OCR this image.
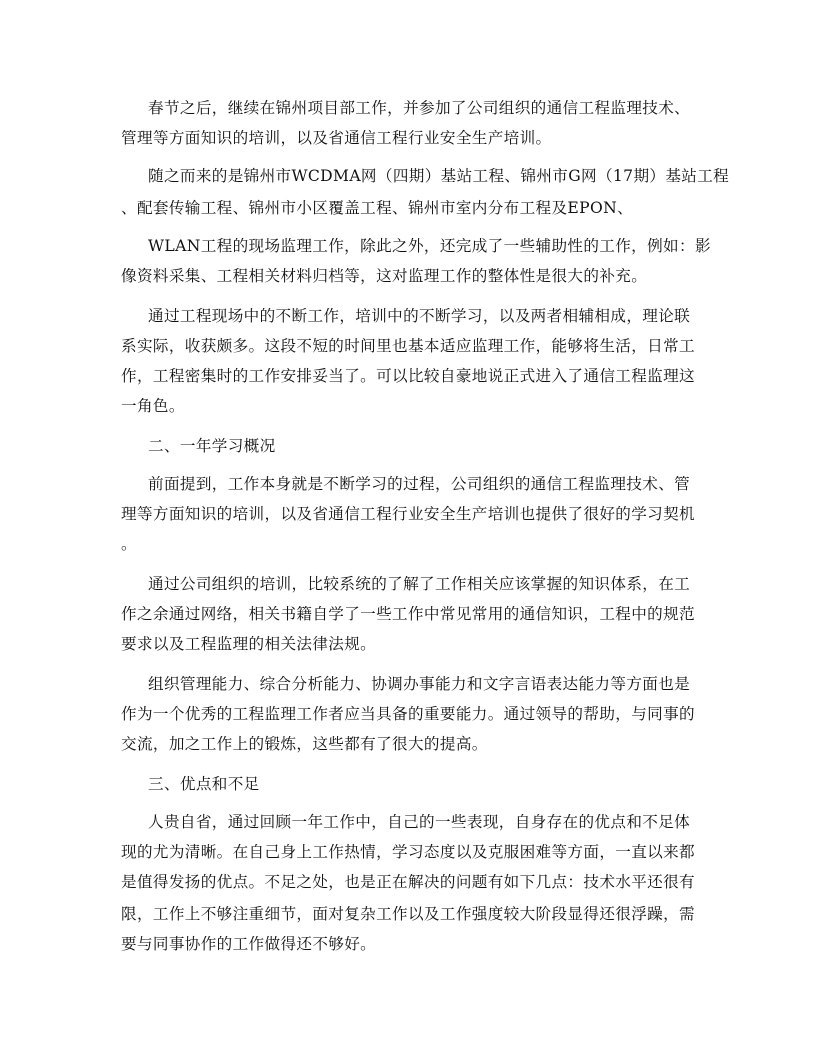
春节之后，继续在锦州项目部工作，并参加了公司组织的通信工程监理技术、
管理等方面知识的培训，以及省通信工程行业安全生产培训。
随之而来的是锦州市WCDMA网（四期）基站工程、锦州市G网（17期）基站工程
、配套传输工程、锦州市小区覆盖工程、锦州市室内分布工程及EPON、
WLAN工程的现场监理工作，除此之外，还完成了一些辅助性的工作，例如：影
像资料采集、工程相关材料归档等，这对监理工作的整体性是很大的补充。
通过工程现场中的不断工作，培训中的不断学习，以及两者相辅相成，理论联
系实际，收获颇多。这段不短的时间里也基本适应监理工作，能够将生活，日常工
作，工程密集时的工作安排妥当了。可以比较自豪地说正式进入了通信工程监理这
一角色。
二、一年学习概况
前面提到，工作本身就是不断学习的过程，公司组织的通信工程监理技术、管
理等方面知识的培训，以及省通信工程行业安全生产培训也提供了很好的学习契机
。
通过公司组织的培训，比较系统的了解了工作相关应该掌握的知识体系，在工
作之余通过网络，相关书籍自学了一些工作中常见常用的通信知识，工程中的规范
要求以及工程监理的相关法律法规。
组织管理能力、综合分析能力、协调办事能力和文字言语表达能力等方面也是
作为一个优秀的工程监理工作者应当具备的重要能力。通过领导的帮助，与同事的
交流，加之工作上的锻炼，这些都有了很大的提高。
三、优点和不足
人贵自省，通过回顾一年工作中，自己的一些表现，自身存在的优点和不足体
现的尤为清晰。在自己身上工作热情，学习态度以及克服困难等方面，一直以来都
是值得发扬的优点。不足之处，也是正在解决的问题有如下几点：技术水平还很有
限，工作上不够注重细节，面对复杂工作以及工作强度较大阶段显得还很浮躁，需
要与同事协作的工作做得还不够好。
